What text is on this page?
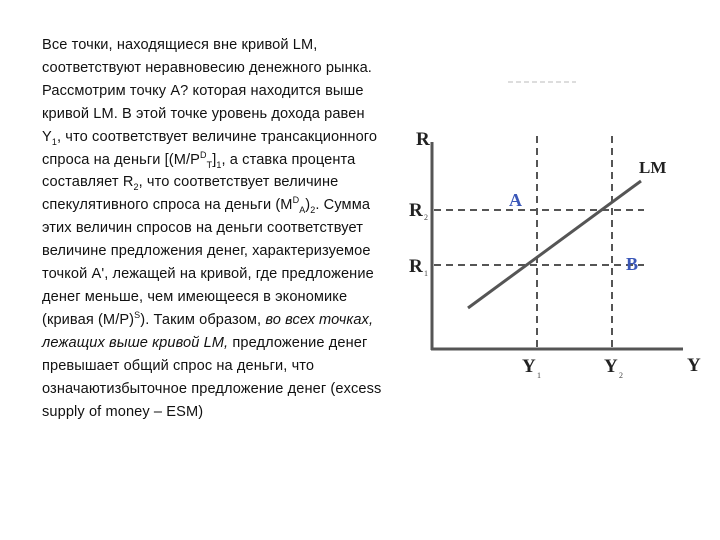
Все точки, находящиеся вне кривой LM, соответствуют неравновесию денежного рынка. Рассмотрим точку А? которая находится выше кривой LM. В этой точке уровень дохода равен $Y_1$, что соответствует величине трансакционного спроса на деньги [$(M/P^D_T]_1$, а ставка процента составляет $R_2$, что соответствует величине спекулятивного спроса на деньги $(M^D_A)_2$. Сумма этих величин спросов на деньги соответствует величине предложения денег, характеризуемое точкой А', лежащей на кривой, где предложение денег меньше, чем имеющееся в экономике (кривая $(M/P)^S$). Таким образом, во всех точках, лежащих выше кривой LM, предложение денег превышает общий спрос на деньги, что означаютизбыточное предложение денег (excess supply of money – ESM)

R
Y
LM
R 2
R 1
Y 1	Y 2
A
B
